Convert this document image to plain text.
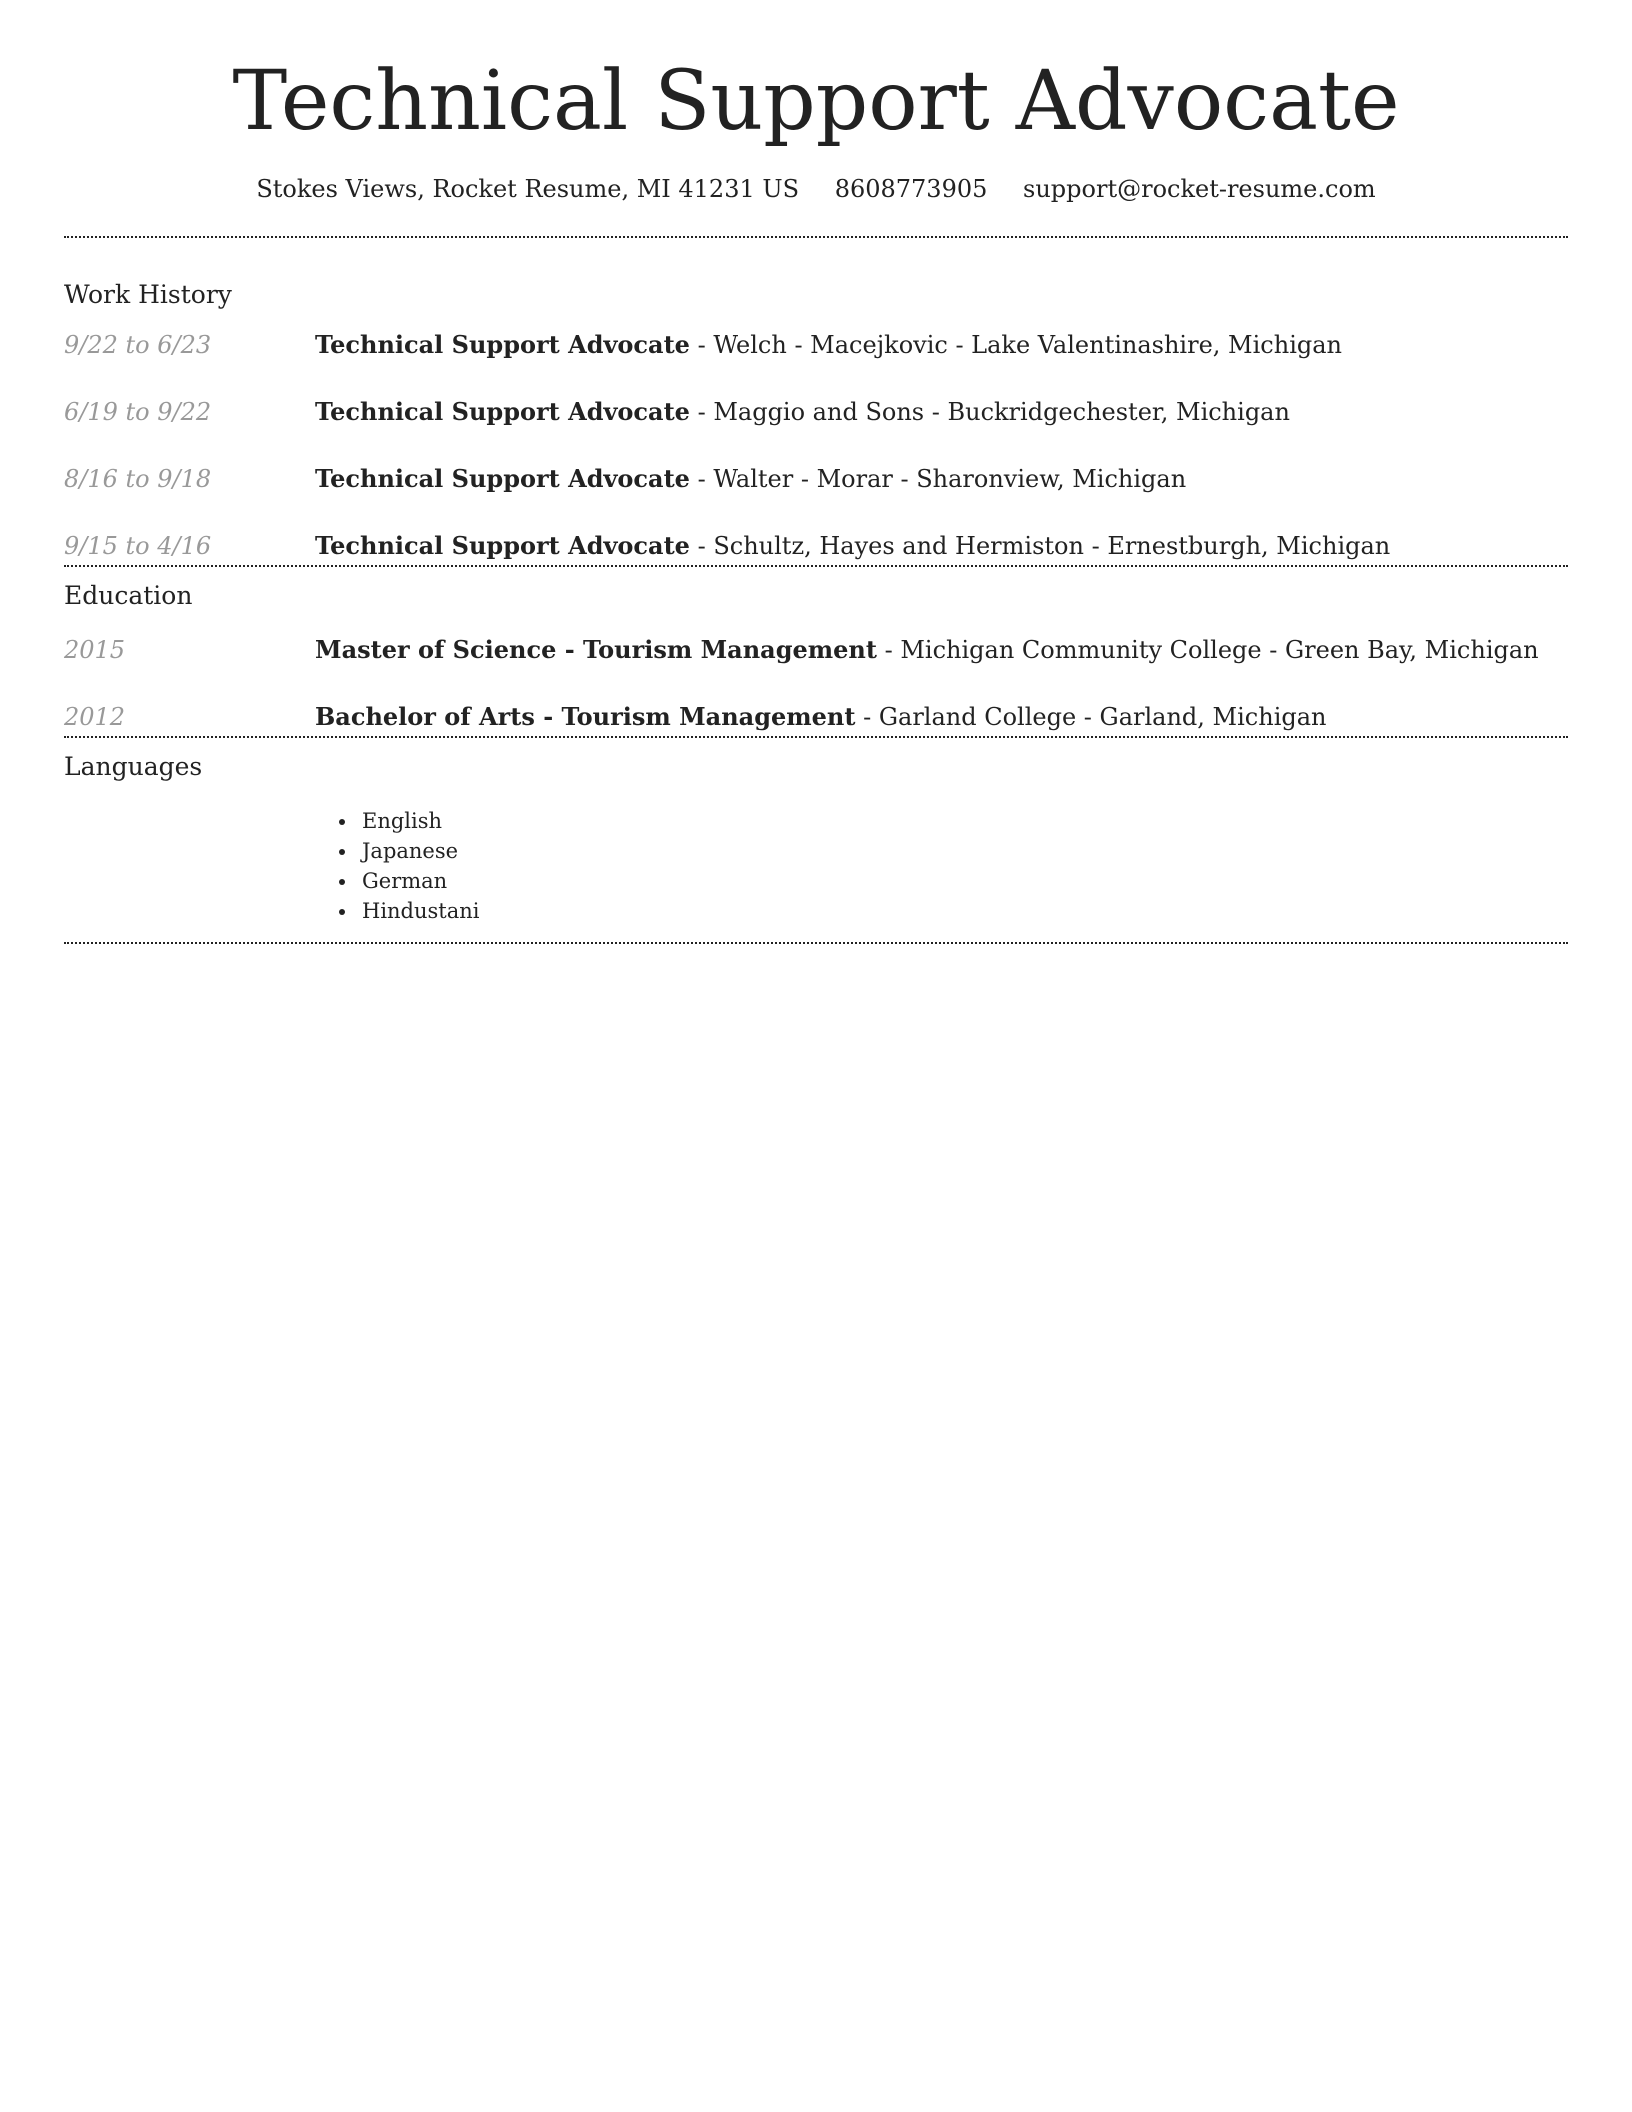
Technical Support Advocate
Stokes Views, Rocket Resume, MI 41231 US 8608773905 support@rocket-resume.com
Work History
9/22 to 6/23	Technical Support Advocate - Welch - Macejkovic - Lake Valentinashire, Michigan
6/19 to 9/22	Technical Support Advocate - Maggio and Sons - Buckridgechester, Michigan
8/16 to 9/18	Technical Support Advocate - Walter - Morar - Sharonview, Michigan
9/15 to 4/16	Technical Support Advocate - Schultz, Hayes and Hermiston - Ernestburgh, Michigan
Education
2015	Master of Science - Tourism Management - Michigan Community College - Green Bay, Michigan
2012	Bachelor of Arts - Tourism Management - Garland College - Garland, Michigan
Languages
• English
• Japanese
• German
• Hindustani
